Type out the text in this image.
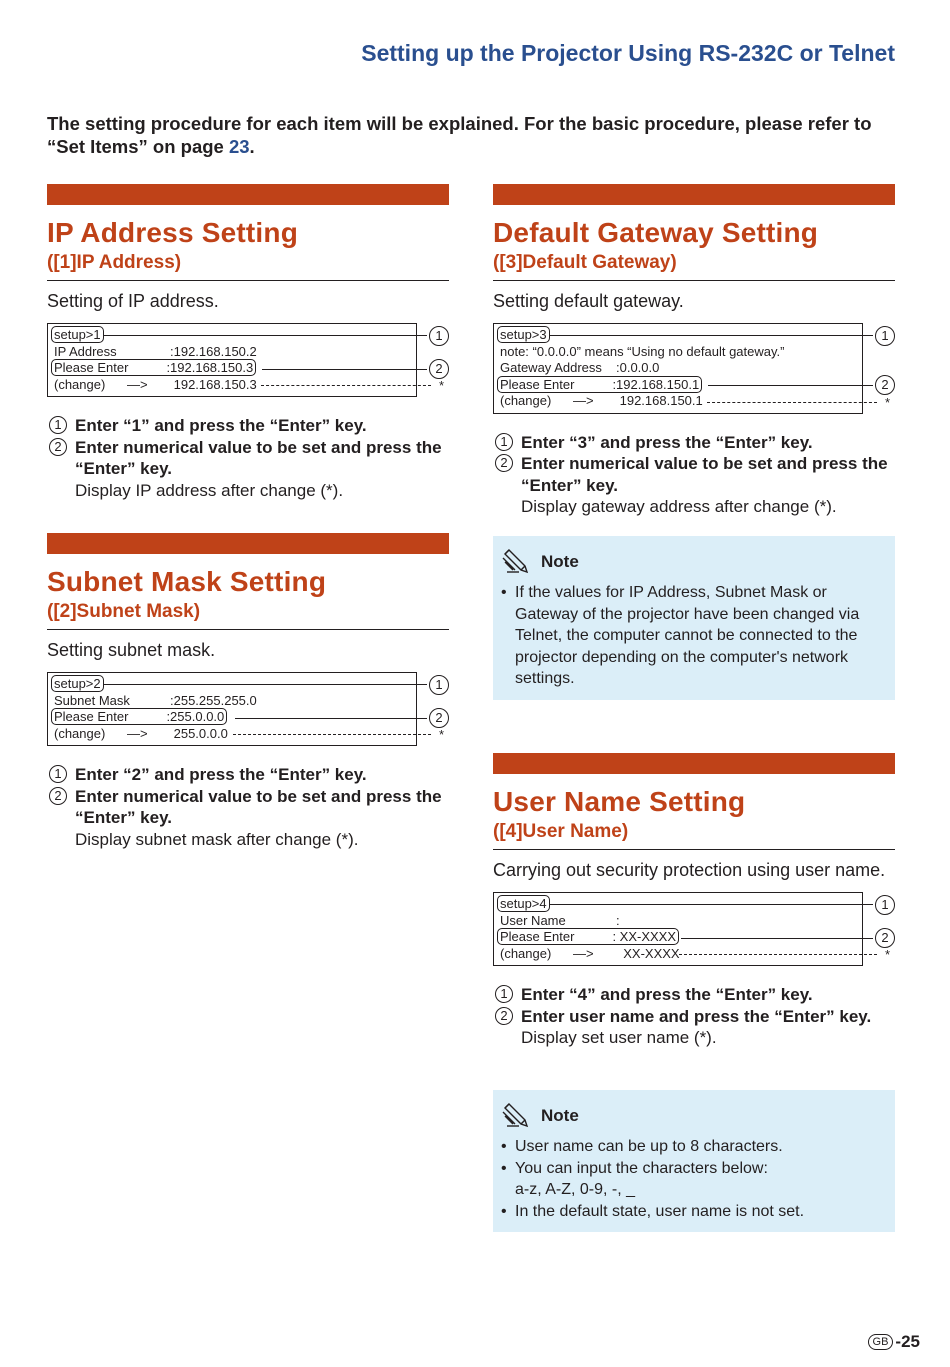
Setting up the Projector Using RS-232C or Telnet
The setting procedure for each item will be explained. For the basic procedure, please refer to “Set Items” on page 23.
IP Address Setting
([1]IP Address)
Setting of IP address.
setup>1
IP Address	:192.168.150.2
Please Enter	:192.168.150.3
(change)      —> 192.168.150.3
1
2
*
1 Enter “1” and press the “Enter” key.
2 Enter numerical value to be set and press the “Enter” key.
Display IP address after change (*).
Subnet Mask Setting
([2]Subnet Mask)
Setting subnet mask.
setup>2
Subnet Mask	:255.255.255.0
Please Enter	:255.0.0.0
(change)      —> 255.0.0.0
1
2
*
1 Enter “2” and press the “Enter” key.
2 Enter numerical value to be set and press the “Enter” key.
Display subnet mask after change (*).
Default Gateway Setting
([3]Default Gateway)
Setting default gateway.
setup>3
note: “0.0.0.0” means “Using no default gateway.”
Gateway Address :0.0.0.0
Please Enter	:192.168.150.1
(change)      —> 192.168.150.1
1
2
*
1 Enter “3” and press the “Enter” key.
2 Enter numerical value to be set and press the “Enter” key.
Display gateway address after change (*).
Note
• If the values for IP Address, Subnet Mask or Gateway of the projector have been changed via Telnet, the computer cannot be connected to the projector depending on the computer's network settings.
User Name Setting
([4]User Name)
Carrying out security protection using user name.
setup>4
User Name	:
Please Enter	: XX-XXXX
(change)      —> XX-XXXX
1
2
*
1 Enter “4” and press the “Enter” key.
2 Enter user name and press the “Enter” key.
Display set user name (*).
Note
• User name can be up to 8 characters.
• You can input the characters below:
a-z, A-Z, 0-9, -, _
• In the default state, user name is not set.
GB -25
